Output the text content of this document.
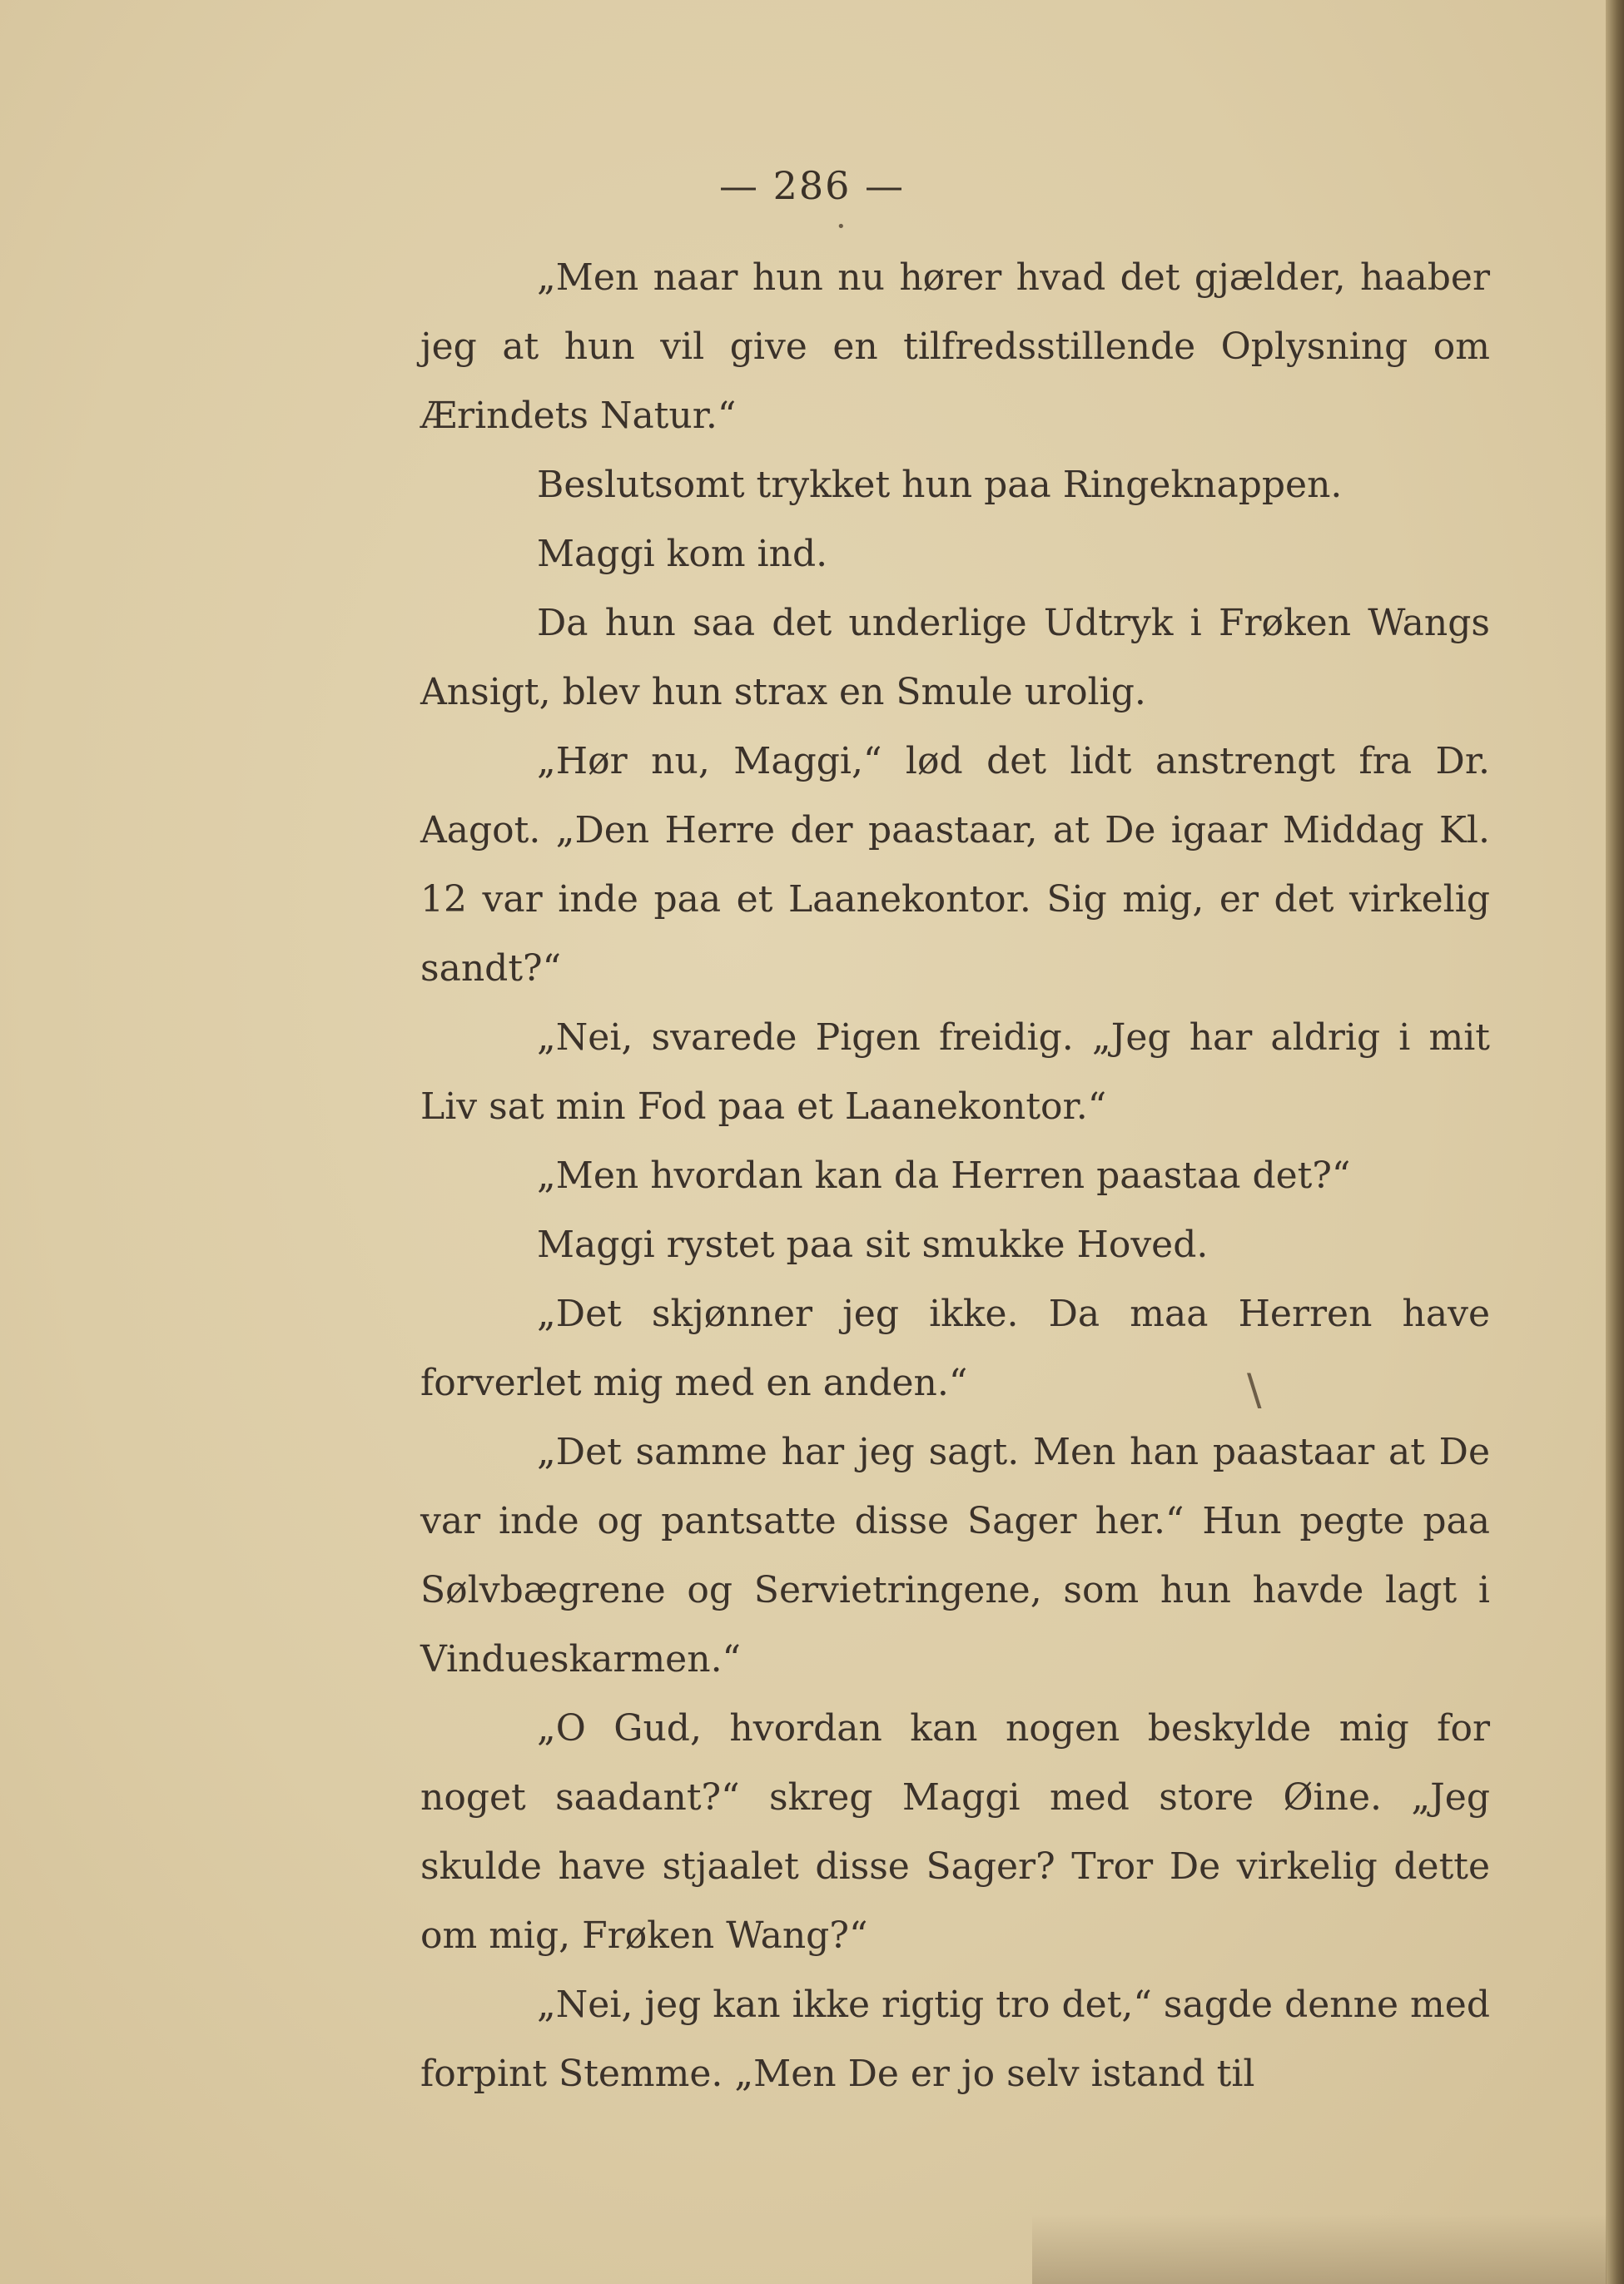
•
\
— 286 —

„Men naar hun nu hører hvad det gjælder, haaber jeg at hun vil give en tilfredsstillende Oplysning om Ærindets Natur.“

Beslutsomt trykket hun paa Ringeknappen.

Maggi kom ind.

Da hun saa det underlige Udtryk i Frøken Wangs Ansigt, blev hun strax en Smule urolig.

„Hør nu, Maggi,“ lød det lidt anstrengt fra Dr. Aagot. „Den Herre der paastaar, at De igaar Middag Kl. 12 var inde paa et Laanekontor. Sig mig, er det virkelig sandt?“

„Nei, svarede Pigen freidig. „Jeg har aldrig i mit Liv sat min Fod paa et Laanekontor.“

„Men hvordan kan da Herren paastaa det?“

Maggi rystet paa sit smukke Hoved.

„Det skjønner jeg ikke. Da maa Herren have forverlet mig med en anden.“

„Det samme har jeg sagt. Men han paastaar at De var inde og pantsatte disse Sager her.“ Hun pegte paa Sølvbægrene og Servietringene, som hun havde lagt i Vindueskarmen.“

„O Gud, hvordan kan nogen beskylde mig for noget saadant?“ skreg Maggi med store Øine. „Jeg skulde have stjaalet disse Sager? Tror De virkelig dette om mig, Frøken Wang?“

„Nei, jeg kan ikke rigtig tro det,“ sagde denne med forpint Stemme. „Men De er jo selv istand til
